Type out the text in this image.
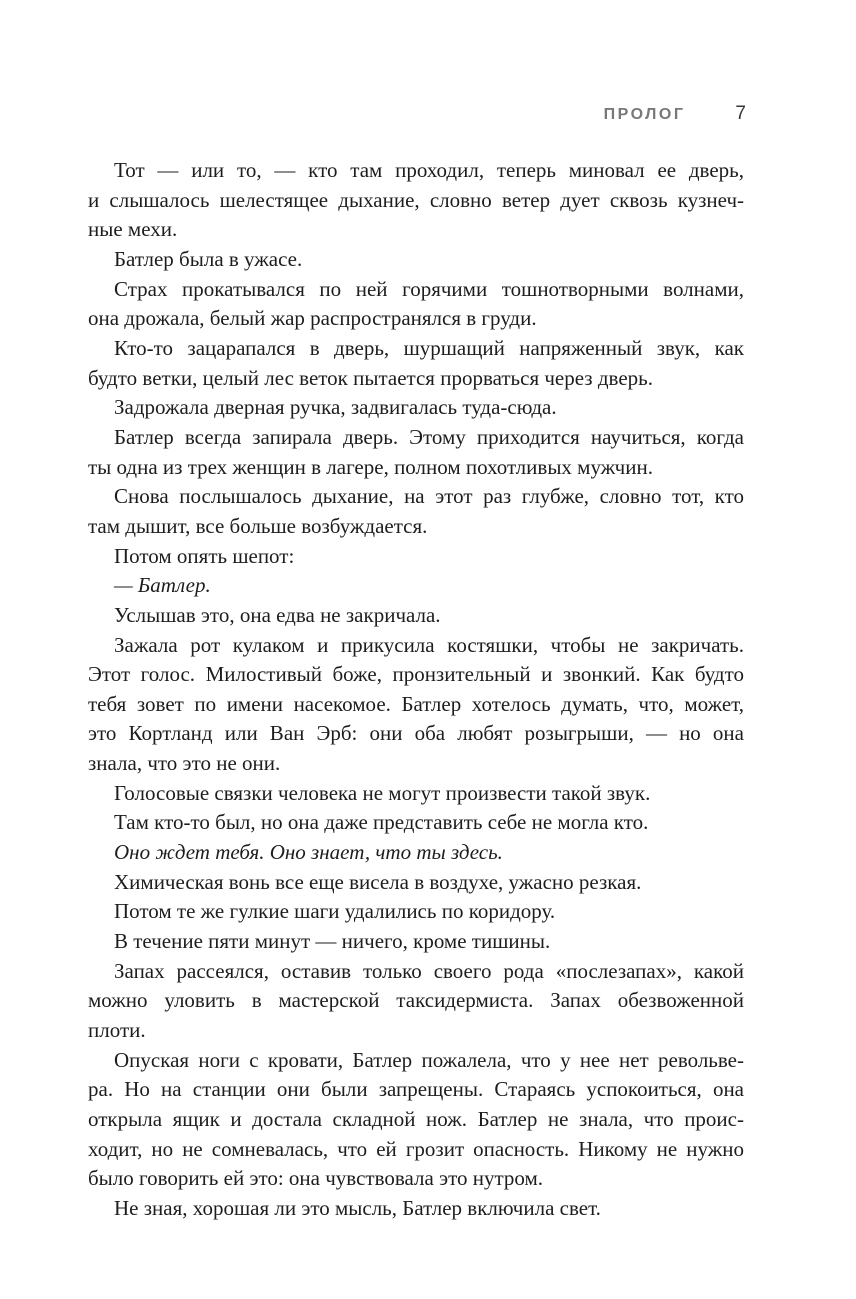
ПРОЛОГ	7
Тот — или то, — кто там проходил, теперь миновал ее дверь,
и слышалось шелестящее дыхание, словно ветер дует сквозь кузнеч-
ные мехи.
Батлер была в ужасе.
Страх прокатывался по ней горячими тошнотворными волнами,
она дрожала, белый жар распространялся в груди.
Кто-то зацарапался в дверь, шуршащий напряженный звук, как
будто ветки, целый лес веток пытается прорваться через дверь.
Задрожала дверная ручка, задвигалась туда-сюда.
Батлер всегда запирала дверь. Этому приходится научиться, когда
ты одна из трех женщин в лагере, полном похотливых мужчин.
Снова послышалось дыхание, на этот раз глубже, словно тот, кто
там дышит, все больше возбуждается.
Потом опять шепот:
— Батлер.
Услышав это, она едва не закричала.
Зажала рот кулаком и прикусила костяшки, чтобы не закричать.
Этот голос. Милостивый боже, пронзительный и звонкий. Как будто
тебя зовет по имени насекомое. Батлер хотелось думать, что, может,
это Кортланд или Ван Эрб: они оба любят розыгрыши, — но она
знала, что это не они.
Голосовые связки человека не могут произвести такой звук.
Там кто-то был, но она даже представить себе не могла кто.
Оно ждет тебя. Оно знает, что ты здесь.
Химическая вонь все еще висела в воздухе, ужасно резкая.
Потом те же гулкие шаги удалились по коридору.
В течение пяти минут — ничего, кроме тишины.
Запах рассеялся, оставив только своего рода «послезапах», какой
можно уловить в мастерской таксидермиста. Запах обезвоженной
плоти.
Опуская ноги с кровати, Батлер пожалела, что у нее нет револьве-
ра. Но на станции они были запрещены. Стараясь успокоиться, она
открыла ящик и достала складной нож. Батлер не знала, что проис-
ходит, но не сомневалась, что ей грозит опасность. Никому не нужно
было говорить ей это: она чувствовала это нутром.
Не зная, хорошая ли это мысль, Батлер включила свет.
